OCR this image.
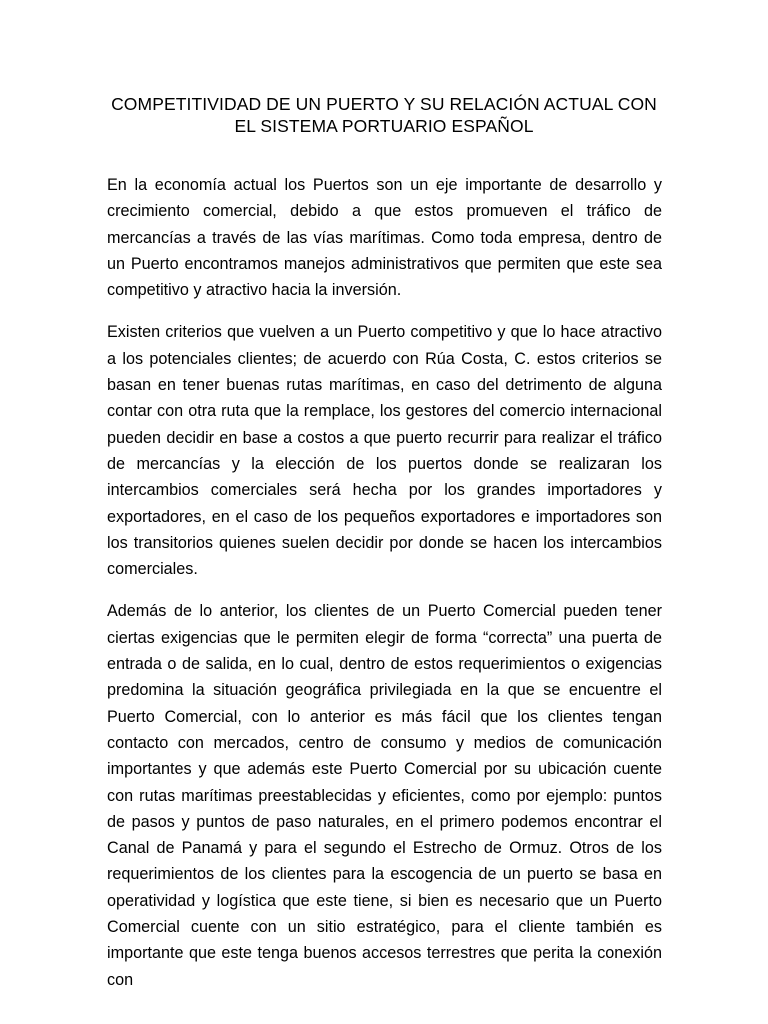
COMPETITIVIDAD DE UN PUERTO Y SU RELACIÓN ACTUAL CON
EL SISTEMA PORTUARIO ESPAÑOL

En la economía actual los Puertos son un eje importante de desarrollo y crecimiento comercial, debido a que estos promueven el tráfico de mercancías a través de las vías marítimas. Como toda empresa, dentro de un Puerto encontramos manejos administrativos que permiten que este sea competitivo y atractivo hacia la inversión.

Existen criterios que vuelven a un Puerto competitivo y que lo hace atractivo a los potenciales clientes; de acuerdo con Rúa Costa, C. estos criterios se basan en tener buenas rutas marítimas, en caso del detrimento de alguna contar con otra ruta que la remplace, los gestores del comercio internacional pueden decidir en base a costos a que puerto recurrir para realizar el tráfico de mercancías y la elección de los puertos donde se realizaran los intercambios comerciales será hecha por los grandes importadores y exportadores, en el caso de los pequeños exportadores e importadores son los transitorios quienes suelen decidir por donde se hacen los intercambios comerciales.

Además de lo anterior, los clientes de un Puerto Comercial pueden tener ciertas exigencias que le permiten elegir de forma “correcta” una puerta de entrada o de salida, en lo cual, dentro de estos requerimientos o exigencias predomina la situación geográfica privilegiada en la que se encuentre el Puerto Comercial, con lo anterior es más fácil que los clientes tengan contacto con mercados, centro de consumo y medios de comunicación importantes y que además este Puerto Comercial por su ubicación cuente con rutas marítimas preestablecidas y eficientes, como por ejemplo: puntos de pasos y puntos de paso naturales, en el primero podemos encontrar el Canal de Panamá y para el segundo el Estrecho de Ormuz. Otros de los requerimientos de los clientes para la escogencia de un puerto se basa en operatividad y logística que este tiene, si bien es necesario que un Puerto Comercial cuente con un sitio estratégico, para el cliente también es importante que este tenga buenos accesos terrestres que perita la conexión con
